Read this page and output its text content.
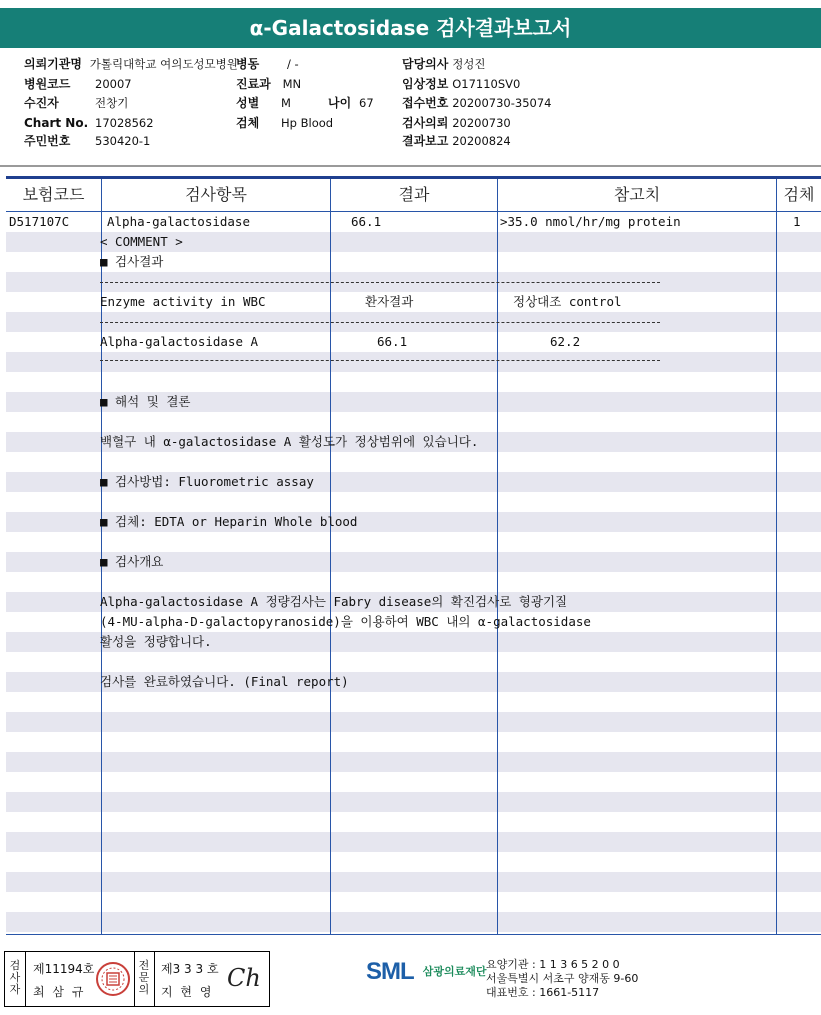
α-Galactosidase 검사결과보고서
의뢰기관명 가톨릭대학교 여의도성모병원
병동 / -	담당의사 정성진
병원코드 20007	진료과 MN	임상정보 O17110SV0
수진자	전창기	성별 M	나이 67 접수번호 20200730-35074
Chart No. 17028562	검체 Hp Blood	검사의뢰 20200730
주민번호 530420-1	결과보고 20200824
보험코드	검사항목	결과	참고치	검체
D517107C	Alpha-galactosidase	66.1	>35.0 nmol/hr/mg protein	1
< COMMENT >
■ 검사결과
Enzyme activity in WBC	환자결과	정상대조 control
Alpha-galactosidase A	66.1	62.2
■ 해석 및 결론
백혈구 내 α-galactosidase A 활성도가 정상범위에 있습니다.
■ 검사방법: Fluorometric assay
■ 검체: EDTA or Heparin Whole blood
■ 검사개요
Alpha-galactosidase A 정량검사는 Fabry disease의 확진검사로 형광기질
(4-MU-alpha-D-galactopyranoside)을 이용하여 WBC 내의 α-galactosidase
활성을 정량합니다.
검사를 완료하였습니다. (Final report)
검사자
제11194호
최 삼 규
전문의
제3 3 3 호
지 현 영 Ch	SML $^{삼광의료재단}$
요양기관 : 1 1 3 6 5 2 0 0
서울특별시 서초구 양재동 9-60
대표번호 : 1661-5117
